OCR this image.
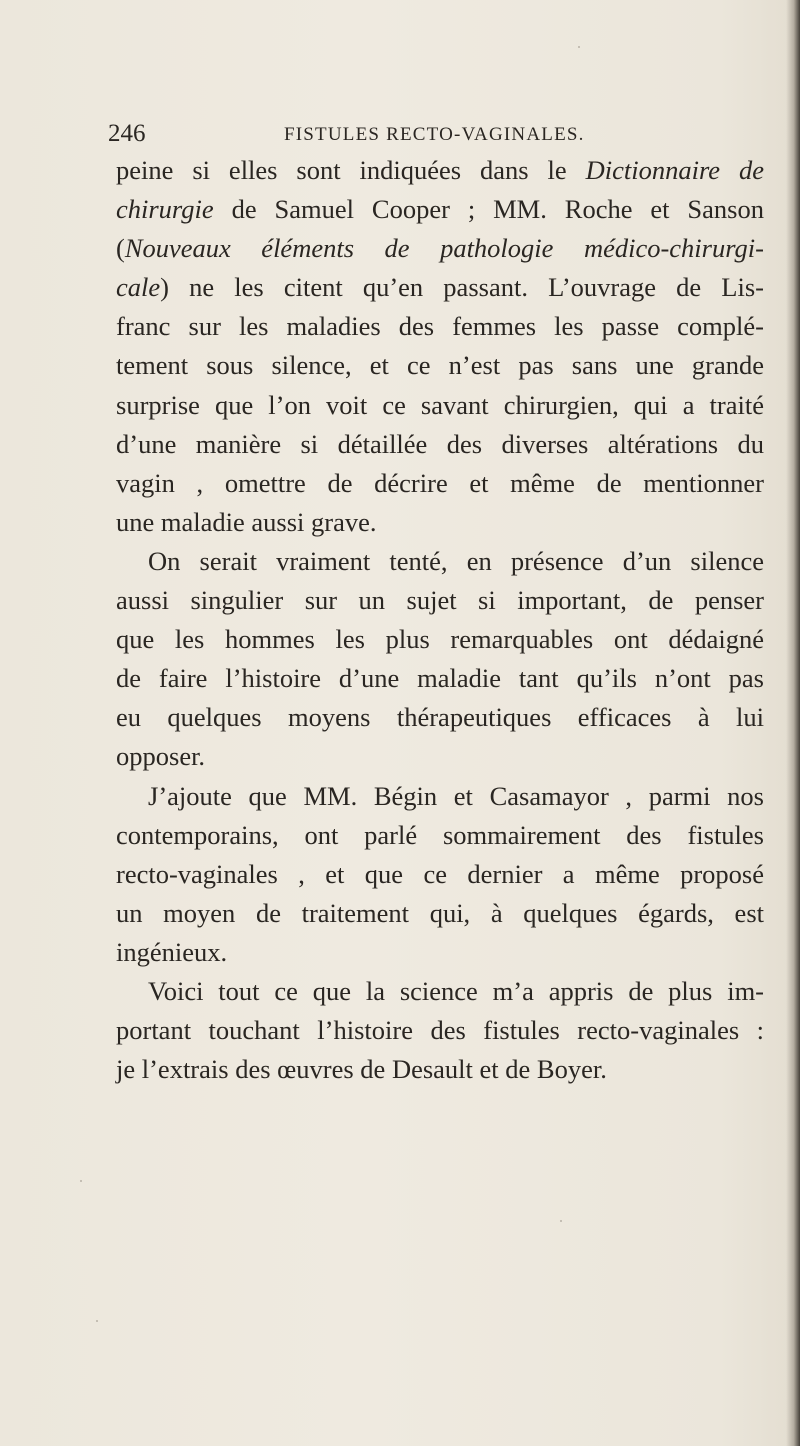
246	FISTULES RECTO-VAGINALES.
peine si elles sont indiquées dans le Dictionnaire de
chirurgie de Samuel Cooper ; MM. Roche et Sanson
(Nouveaux éléments de pathologie médico-chirurgi-
cale) ne les citent qu’en passant. L’ouvrage de Lis-
franc sur les maladies des femmes les passe complé-
tement sous silence, et ce n’est pas sans une grande
surprise que l’on voit ce savant chirurgien, qui a traité
d’une manière si détaillée des diverses altérations du
vagin , omettre de décrire et même de mentionner
une maladie aussi grave.
On serait vraiment tenté, en présence d’un silence
aussi singulier sur un sujet si important, de penser
que les hommes les plus remarquables ont dédaigné
de faire l’histoire d’une maladie tant qu’ils n’ont pas
eu quelques moyens thérapeutiques efficaces à lui
opposer.
J’ajoute que MM. Bégin et Casamayor , parmi nos
contemporains, ont parlé sommairement des fistules
recto-vaginales , et que ce dernier a même proposé
un moyen de traitement qui, à quelques égards, est
ingénieux.
Voici tout ce que la science m’a appris de plus im-
portant touchant l’histoire des fistules recto-vaginales :
je l’extrais des œuvres de Desault et de Boyer.
